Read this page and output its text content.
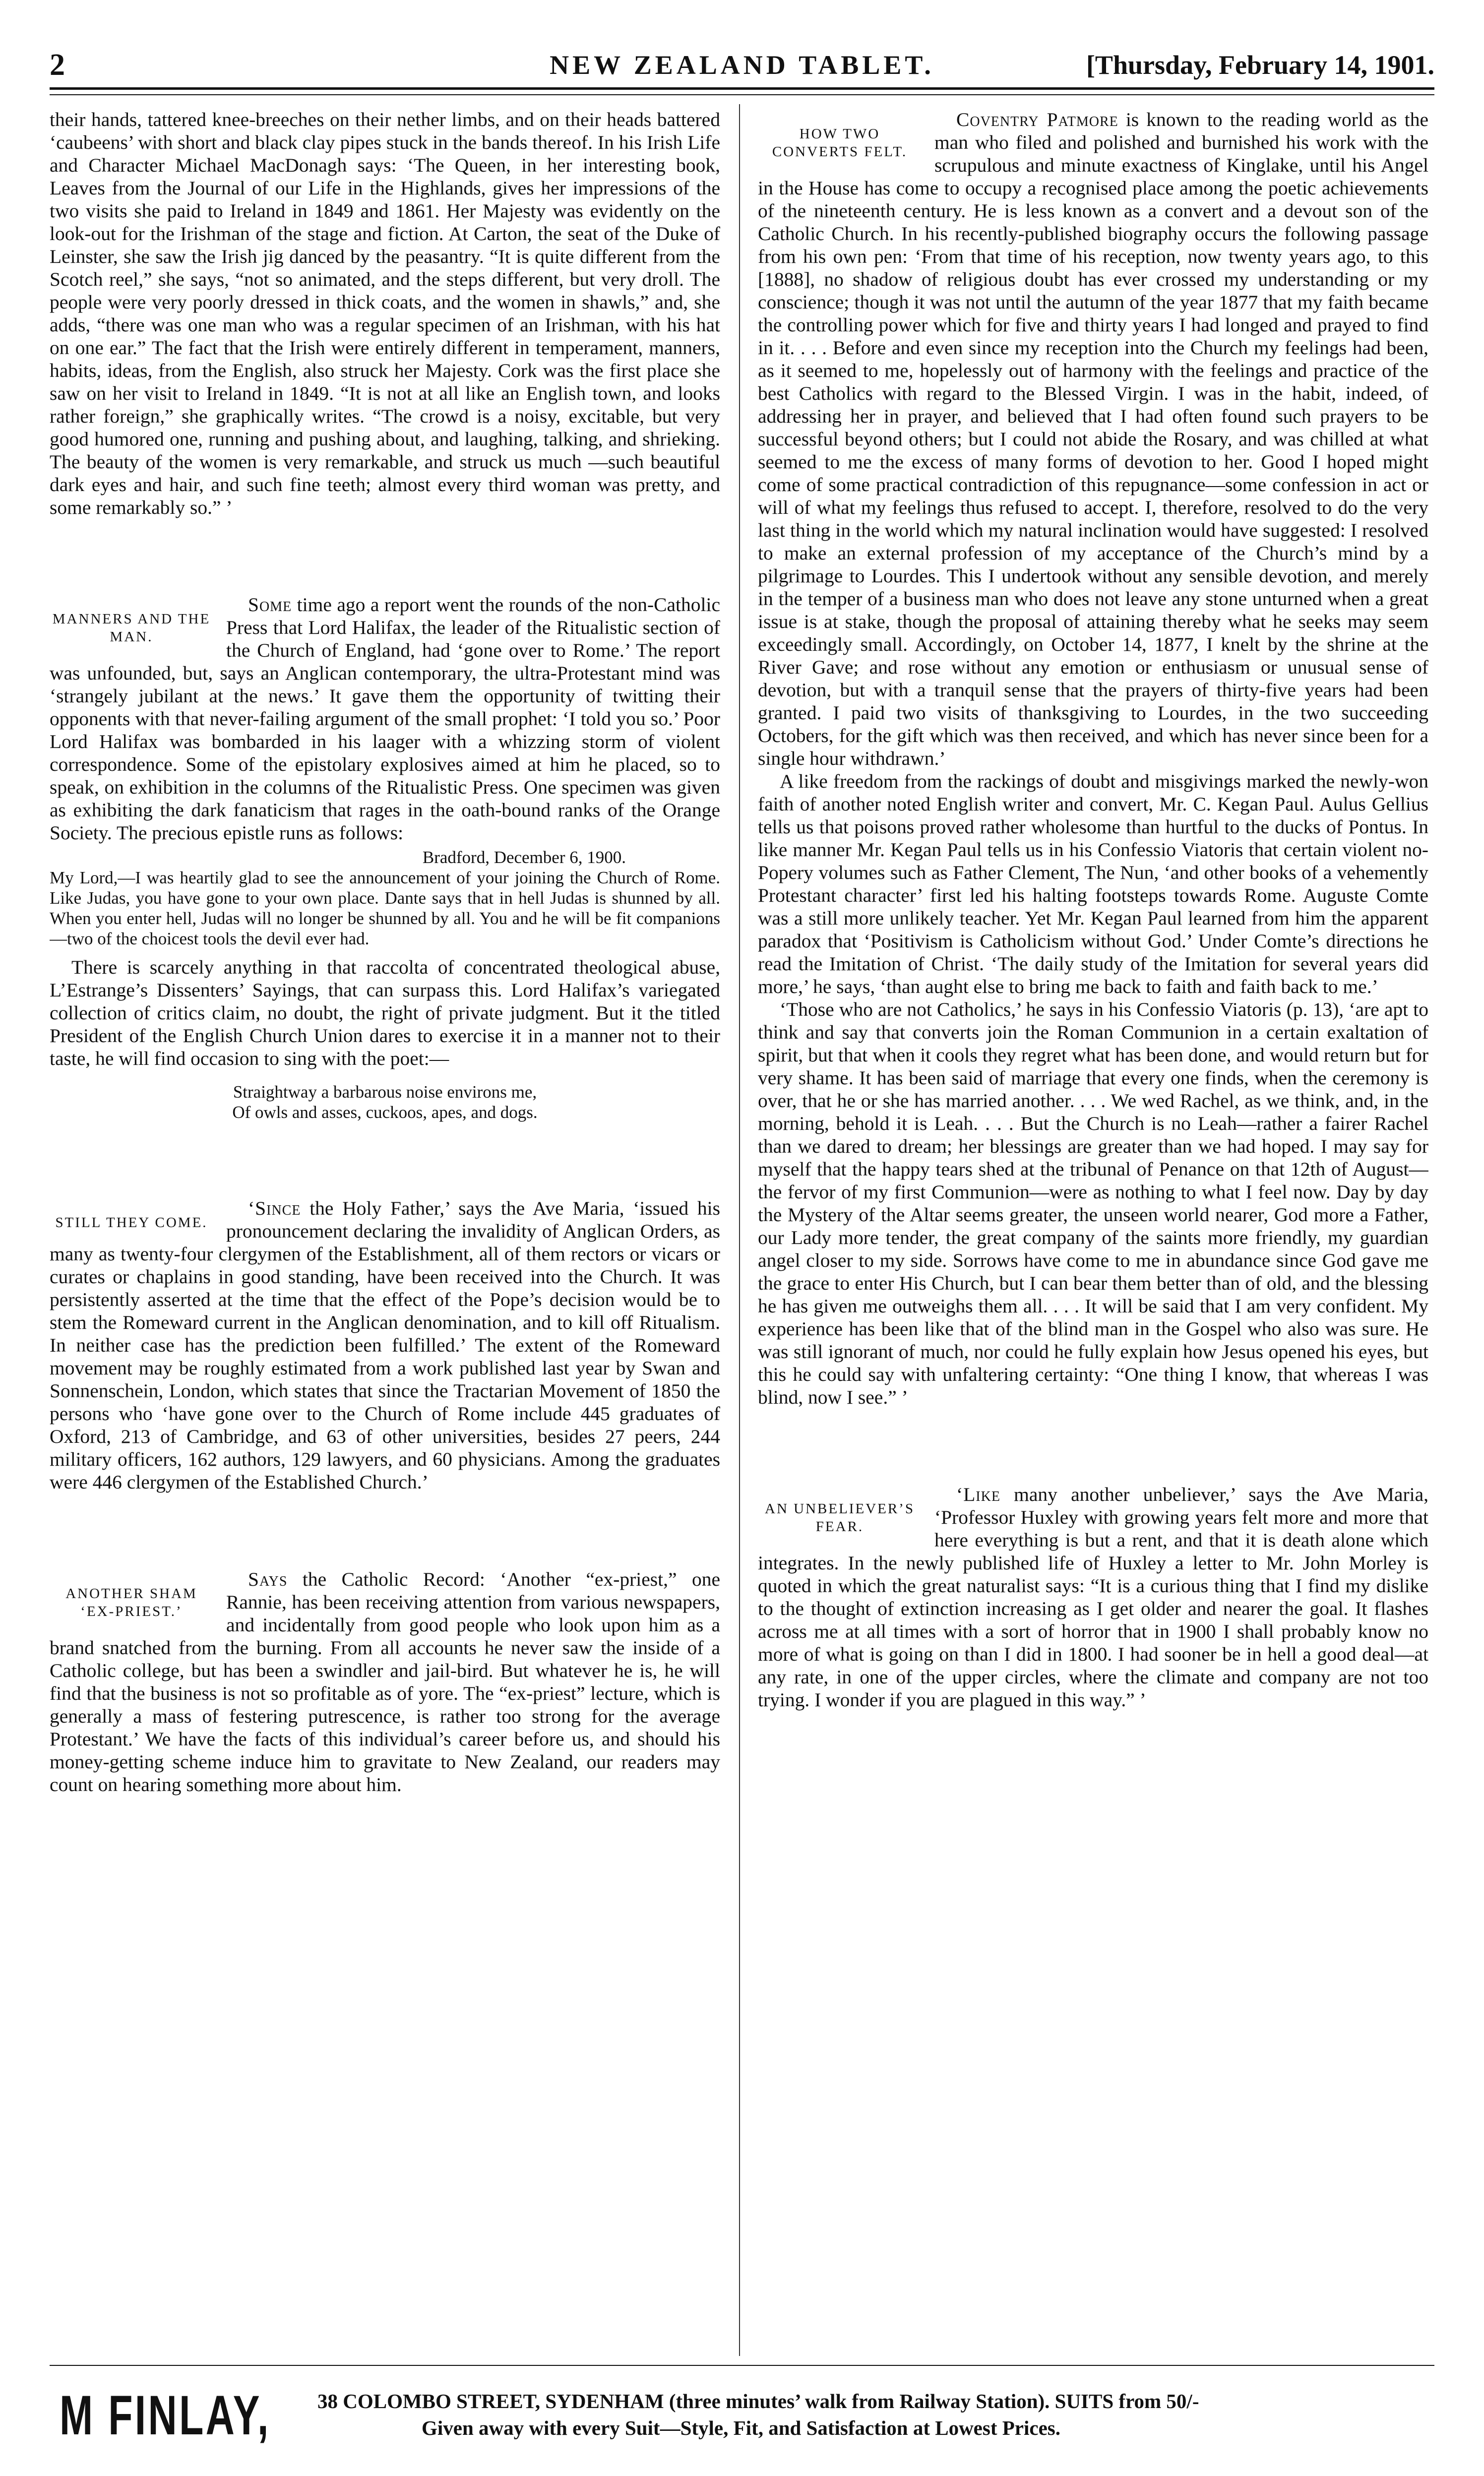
2	NEW ZEALAND TABLET.	[Thursday, February 14, 1901.

their hands, tattered knee-breeches on their nether limbs, and on their heads battered ‘caubeens’ with short and black clay pipes stuck in the bands thereof. In his Irish Life and Character Michael MacDonagh says: ‘The Queen, in her interesting book, Leaves from the Journal of our Life in the Highlands, gives her impressions of the two visits she paid to Ireland in 1849 and 1861. Her Majesty was evidently on the look-out for the Irishman of the stage and fiction. At Carton, the seat of the Duke of Leinster, she saw the Irish jig danced by the peasantry. “It is quite different from the Scotch reel,” she says, “not so animated, and the steps different, but very droll. The people were very poorly dressed in thick coats, and the women in shawls,” and, she adds, “there was one man who was a regular specimen of an Irishman, with his hat on one ear.” The fact that the Irish were entirely different in temperament, manners, habits, ideas, from the English, also struck her Majesty. Cork was the first place she saw on her visit to Ireland in 1849. “It is not at all like an English town, and looks rather foreign,” she graphically writes. “The crowd is a noisy, excitable, but very good humored one, running and pushing about, and laughing, talking, and shrieking. The beauty of the women is very remarkable, and struck us much —such beautiful dark eyes and hair, and such fine teeth; almost every third woman was pretty, and some remarkably so.” ’

MANNERS AND THE MAN.

Some time ago a report went the rounds of the non-Catholic Press that Lord Halifax, the leader of the Ritualistic section of the Church of England, had ‘gone over to Rome.’ The report was unfounded, but, says an Anglican contemporary, the ultra-Protestant mind was ‘strangely jubilant at the news.’ It gave them the opportunity of twitting their opponents with that never-failing argument of the small prophet: ‘I told you so.’ Poor Lord Halifax was bombarded in his laager with a whizzing storm of violent correspondence. Some of the epistolary explosives aimed at him he placed, so to speak, on exhibition in the columns of the Ritualistic Press. One specimen was given as exhibiting the dark fanaticism that rages in the oath-bound ranks of the Orange Society. The precious epistle runs as follows:

Bradford, December 6, 1900.

My Lord,—I was heartily glad to see the announcement of your joining the Church of Rome. Like Judas, you have gone to your own place. Dante says that in hell Judas is shunned by all. When you enter hell, Judas will no longer be shunned by all. You and he will be fit companions—two of the choicest tools the devil ever had.

There is scarcely anything in that raccolta of concentrated theological abuse, L’Estrange’s Dissenters’ Sayings, that can surpass this. Lord Halifax’s variegated collection of critics claim, no doubt, the right of private judgment. But it the titled President of the English Church Union dares to exercise it in a manner not to their taste, he will find occasion to sing with the poet:—

Straightway a barbarous noise environs me,
Of owls and asses, cuckoos, apes, and dogs.
STILL THEY COME.

‘Since the Holy Father,’ says the Ave Maria, ‘issued his pronouncement declaring the invalidity of Anglican Orders, as many as twenty-four clergymen of the Establishment, all of them rectors or vicars or curates or chaplains in good standing, have been received into the Church. It was persistently asserted at the time that the effect of the Pope’s decision would be to stem the Romeward current in the Anglican denomination, and to kill off Ritualism. In neither case has the prediction been fulfilled.’ The extent of the Romeward movement may be roughly estimated from a work published last year by Swan and Sonnenschein, London, which states that since the Tractarian Movement of 1850 the persons who ‘have gone over to the Church of Rome include 445 graduates of Oxford, 213 of Cambridge, and 63 of other universities, besides 27 peers, 244 military officers, 162 authors, 129 lawyers, and 60 physicians. Among the graduates were 446 clergymen of the Established Church.’

ANOTHER SHAM ‘EX-PRIEST.’

Says the Catholic Record: ‘Another “ex-priest,” one Rannie, has been receiving attention from various newspapers, and incidentally from good people who look upon him as a brand snatched from the burning. From all accounts he never saw the inside of a Catholic college, but has been a swindler and jail-bird. But whatever he is, he will find that the business is not so profitable as of yore. The “ex-priest” lecture, which is generally a mass of festering putrescence, is rather too strong for the average Protestant.’ We have the facts of this individual’s career before us, and should his money-getting scheme induce him to gravitate to New Zealand, our readers may count on hearing something more about him.

HOW TWO CONVERTS FELT.

Coventry Patmore is known to the reading world as the man who filed and polished and burnished his work with the scrupulous and minute exactness of Kinglake, until his Angel in the House has come to occupy a recognised place among the poetic achievements of the nineteenth century. He is less known as a convert and a devout son of the Catholic Church. In his recently-published biography occurs the following passage from his own pen: ‘From that time of his reception, now twenty years ago, to this [1888], no shadow of religious doubt has ever crossed my understanding or my conscience; though it was not until the autumn of the year 1877 that my faith became the controlling power which for five and thirty years I had longed and prayed to find in it. . . . Before and even since my reception into the Church my feelings had been, as it seemed to me, hopelessly out of harmony with the feelings and practice of the best Catholics with regard to the Blessed Virgin. I was in the habit, indeed, of addressing her in prayer, and believed that I had often found such prayers to be successful beyond others; but I could not abide the Rosary, and was chilled at what seemed to me the excess of many forms of devotion to her. Good I hoped might come of some practical contradiction of this repugnance—some confession in act or will of what my feelings thus refused to accept. I, therefore, resolved to do the very last thing in the world which my natural inclination would have suggested: I resolved to make an external profession of my acceptance of the Church’s mind by a pilgrimage to Lourdes. This I undertook without any sensible devotion, and merely in the temper of a business man who does not leave any stone unturned when a great issue is at stake, though the proposal of attaining thereby what he seeks may seem exceedingly small. Accordingly, on October 14, 1877, I knelt by the shrine at the River Gave; and rose without any emotion or enthusiasm or unusual sense of devotion, but with a tranquil sense that the prayers of thirty-five years had been granted. I paid two visits of thanksgiving to Lourdes, in the two succeeding Octobers, for the gift which was then received, and which has never since been for a single hour withdrawn.’

A like freedom from the rackings of doubt and misgivings marked the newly-won faith of another noted English writer and convert, Mr. C. Kegan Paul. Aulus Gellius tells us that poisons proved rather wholesome than hurtful to the ducks of Pontus. In like manner Mr. Kegan Paul tells us in his Confessio Viatoris that certain violent no-Popery volumes such as Father Clement, The Nun, ‘and other books of a vehemently Protestant character’ first led his halting footsteps towards Rome. Auguste Comte was a still more unlikely teacher. Yet Mr. Kegan Paul learned from him the apparent paradox that ‘Positivism is Catholicism without God.’ Under Comte’s directions he read the Imitation of Christ. ‘The daily study of the Imitation for several years did more,’ he says, ‘than aught else to bring me back to faith and faith back to me.’

‘Those who are not Catholics,’ he says in his Confessio Viatoris (p. 13), ‘are apt to think and say that converts join the Roman Communion in a certain exaltation of spirit, but that when it cools they regret what has been done, and would return but for very shame. It has been said of marriage that every one finds, when the ceremony is over, that he or she has married another. . . . We wed Rachel, as we think, and, in the morning, behold it is Leah. . . . But the Church is no Leah—rather a fairer Rachel than we dared to dream; her blessings are greater than we had hoped. I may say for myself that the happy tears shed at the tribunal of Penance on that 12th of August—the fervor of my first Communion—were as nothing to what I feel now. Day by day the Mystery of the Altar seems greater, the unseen world nearer, God more a Father, our Lady more tender, the great company of the saints more friendly, my guardian angel closer to my side. Sorrows have come to me in abundance since God gave me the grace to enter His Church, but I can bear them better than of old, and the blessing he has given me outweighs them all. . . . It will be said that I am very confident. My experience has been like that of the blind man in the Gospel who also was sure. He was still ignorant of much, nor could he fully explain how Jesus opened his eyes, but this he could say with unfaltering certainty: “One thing I know, that whereas I was blind, now I see.” ’

AN UNBELIEVER’S FEAR.

‘Like many another unbeliever,’ says the Ave Maria, ‘Professor Huxley with growing years felt more and more that here everything is but a rent, and that it is death alone which integrates. In the newly published life of Huxley a letter to Mr. John Morley is quoted in which the great naturalist says: “It is a curious thing that I find my dislike to the thought of extinction increasing as I get older and nearer the goal. It flashes across me at all times with a sort of horror that in 1900 I shall probably know no more of what is going on than I did in 1800. I had sooner be in hell a good deal—at any rate, in one of the upper circles, where the climate and company are not too trying. I wonder if you are plagued in this way.” ’

M FINLAY, 38 COLOMBO STREET, SYDENHAM (three minutes’ walk from Railway Station). SUITS from 50/-
Given away with every Suit—Style, Fit, and Satisfaction at Lowest Prices.
